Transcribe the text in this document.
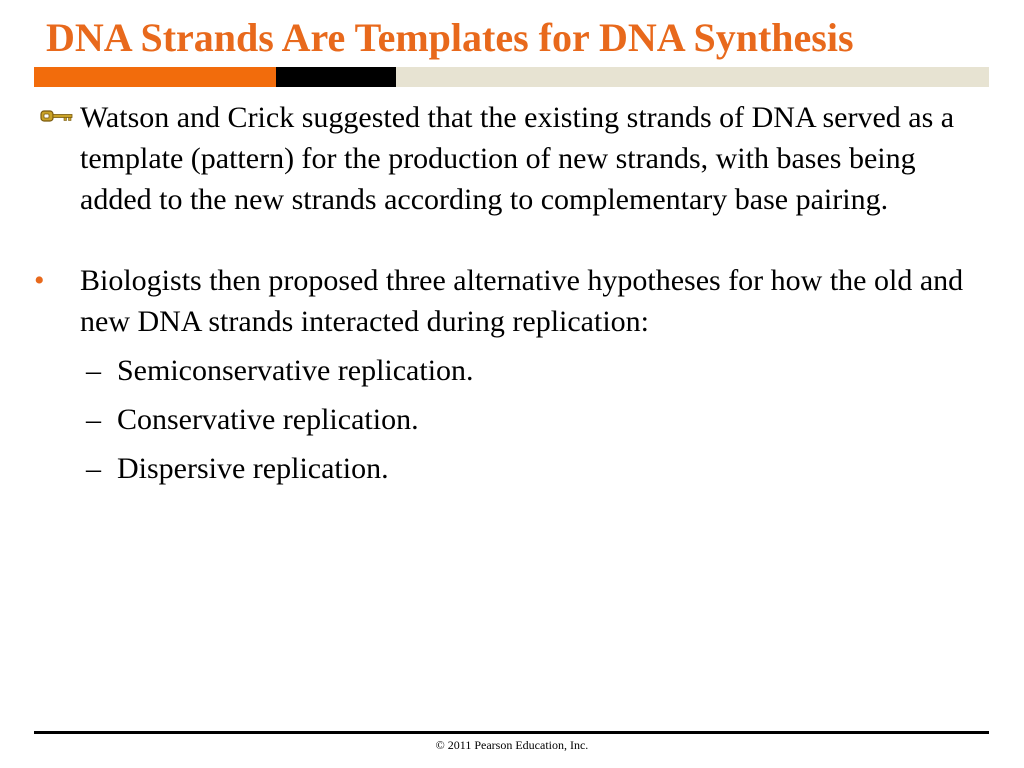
DNA Strands Are Templates for DNA Synthesis
Watson and Crick suggested that the existing strands of DNA served as a template (pattern) for the production of new strands, with bases being added to the new strands according to complementary base pairing.
• Biologists then proposed three alternative hypotheses for how the old and new DNA strands interacted during replication:
– Semiconservative replication.
– Conservative replication.
– Dispersive replication.
© 2011 Pearson Education, Inc.
